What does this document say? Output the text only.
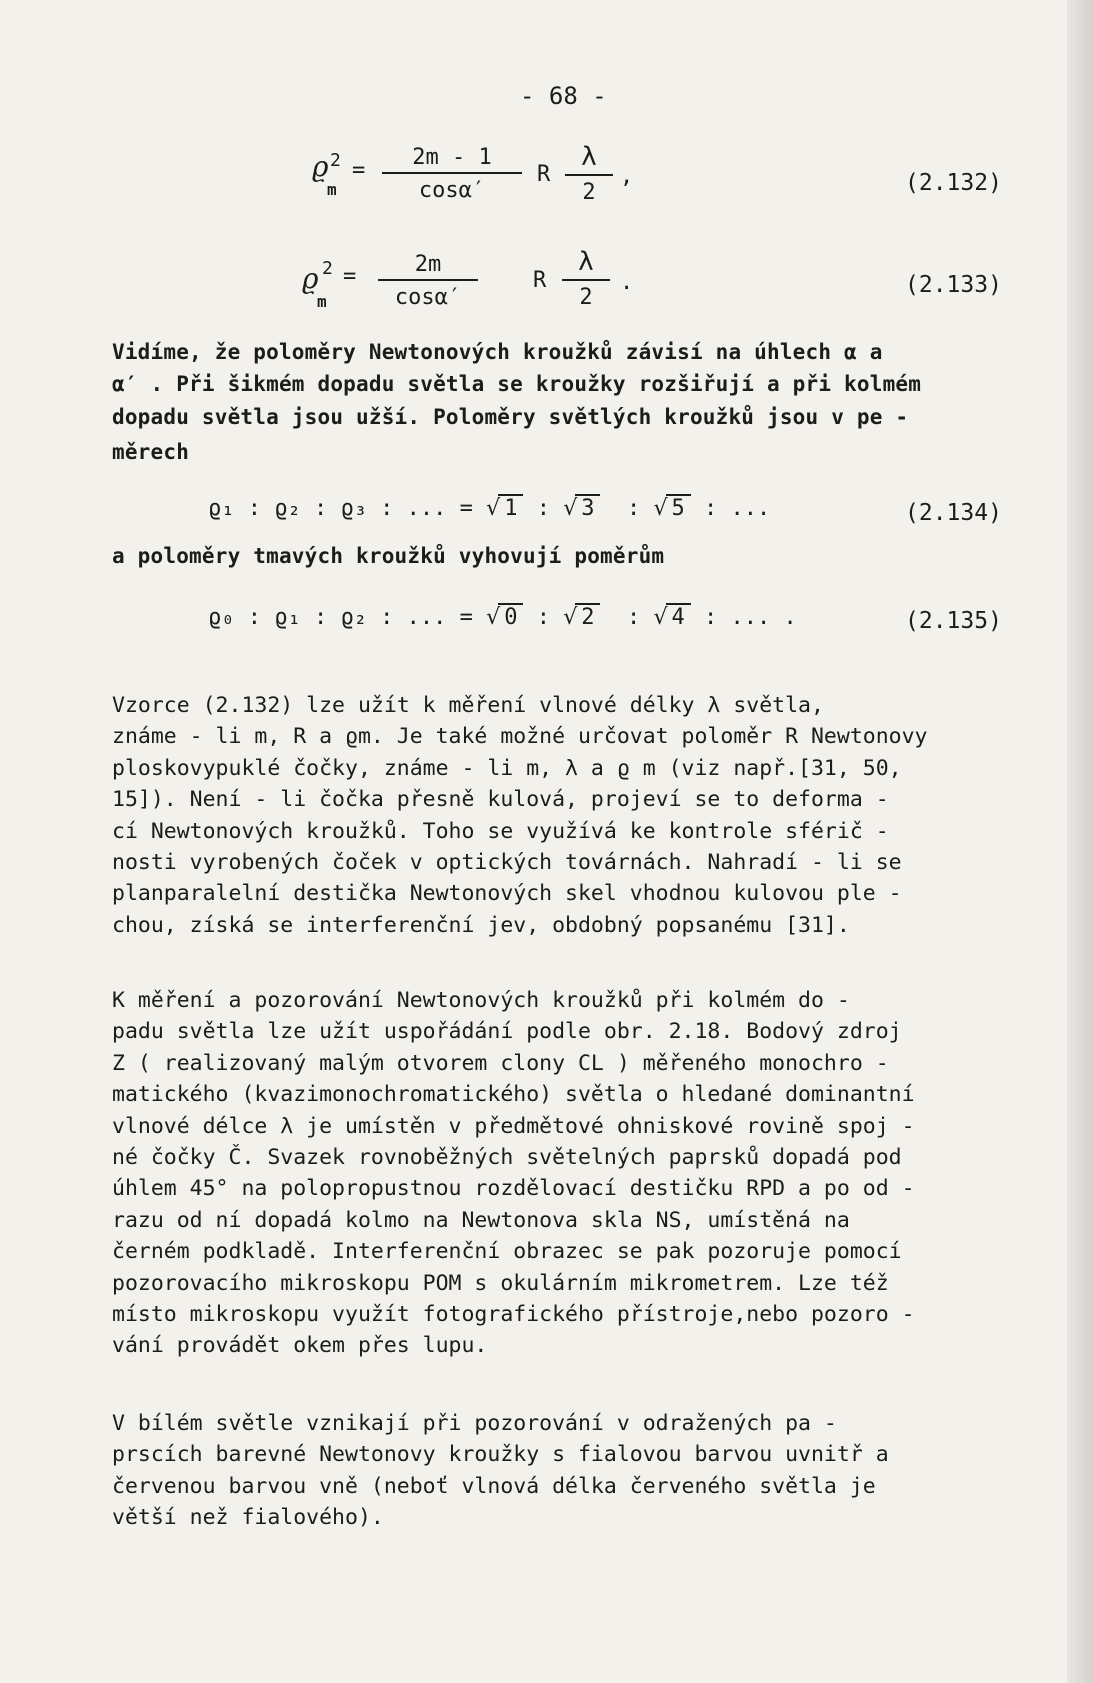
- 68 -
ϱ 2
m
= $\frac{2m - 1}{\cos\alpha'}$ R
λ
2
,	(2.132)
ϱ 2
m
= $\frac{2m}{\cos\alpha'}$	R
λ
2
.	(2.133)
Vidíme, že poloměry Newtonových kroužků závisí na úhlech α a
α′ . Při šikmém dopadu světla se kroužky rozšiřují a při kolmém
dopadu světla jsou užší. Poloměry světlých kroužků jsou v pe -
měrech
ϱ₁ : ϱ₂ : ϱ₃ : ... = √ 1 : √ 3  : √ 5 : ...	(2.134)
a poloměry tmavých kroužků vyhovují poměrům
ϱ₀ : ϱ₁ : ϱ₂ : ... = √ 0 : √ 2  : √ 4 : ... .	(2.135)
Vzorce (2.132) lze užít k měření vlnové délky λ světla,
známe - li m, R a ϱm. Je také možné určovat poloměr R Newtonovy
ploskovypuklé čočky, známe - li m, λ a ϱ m (viz např.[31, 50,
15]). Není - li čočka přesně kulová, projeví se to deforma -
cí Newtonových kroužků. Toho se využívá ke kontrole sférič -
nosti vyrobených čoček v optických továrnách. Nahradí - li se
planparalelní destička Newtonových skel vhodnou kulovou ple -
chou, získá se interferenční jev, obdobný popsanému [31].
K měření a pozorování Newtonových kroužků při kolmém do -
padu světla lze užít uspořádání podle obr. 2.18. Bodový zdroj
Z ( realizovaný malým otvorem clony CL ) měřeného monochro -
matického (kvazimonochromatického) světla o hledané dominantní
vlnové délce λ je umístěn v předmětové ohniskové rovině spoj -
né čočky Č. Svazek rovnoběžných světelných paprsků dopadá pod
úhlem 45° na polopropustnou rozdělovací destičku RPD a po od -
razu od ní dopadá kolmo na Newtonova skla NS, umístěná na
černém podkladě. Interferenční obrazec se pak pozoruje pomocí
pozorovacího mikroskopu POM s okulárním mikrometrem. Lze též
místo mikroskopu využít fotografického přístroje,nebo pozoro -
vání provádět okem přes lupu.
V bílém světle vznikají při pozorování v odražených pa -
prscích barevné Newtonovy kroužky s fialovou barvou uvnitř a
červenou barvou vně (neboť vlnová délka červeného světla je
větší než fialového).
